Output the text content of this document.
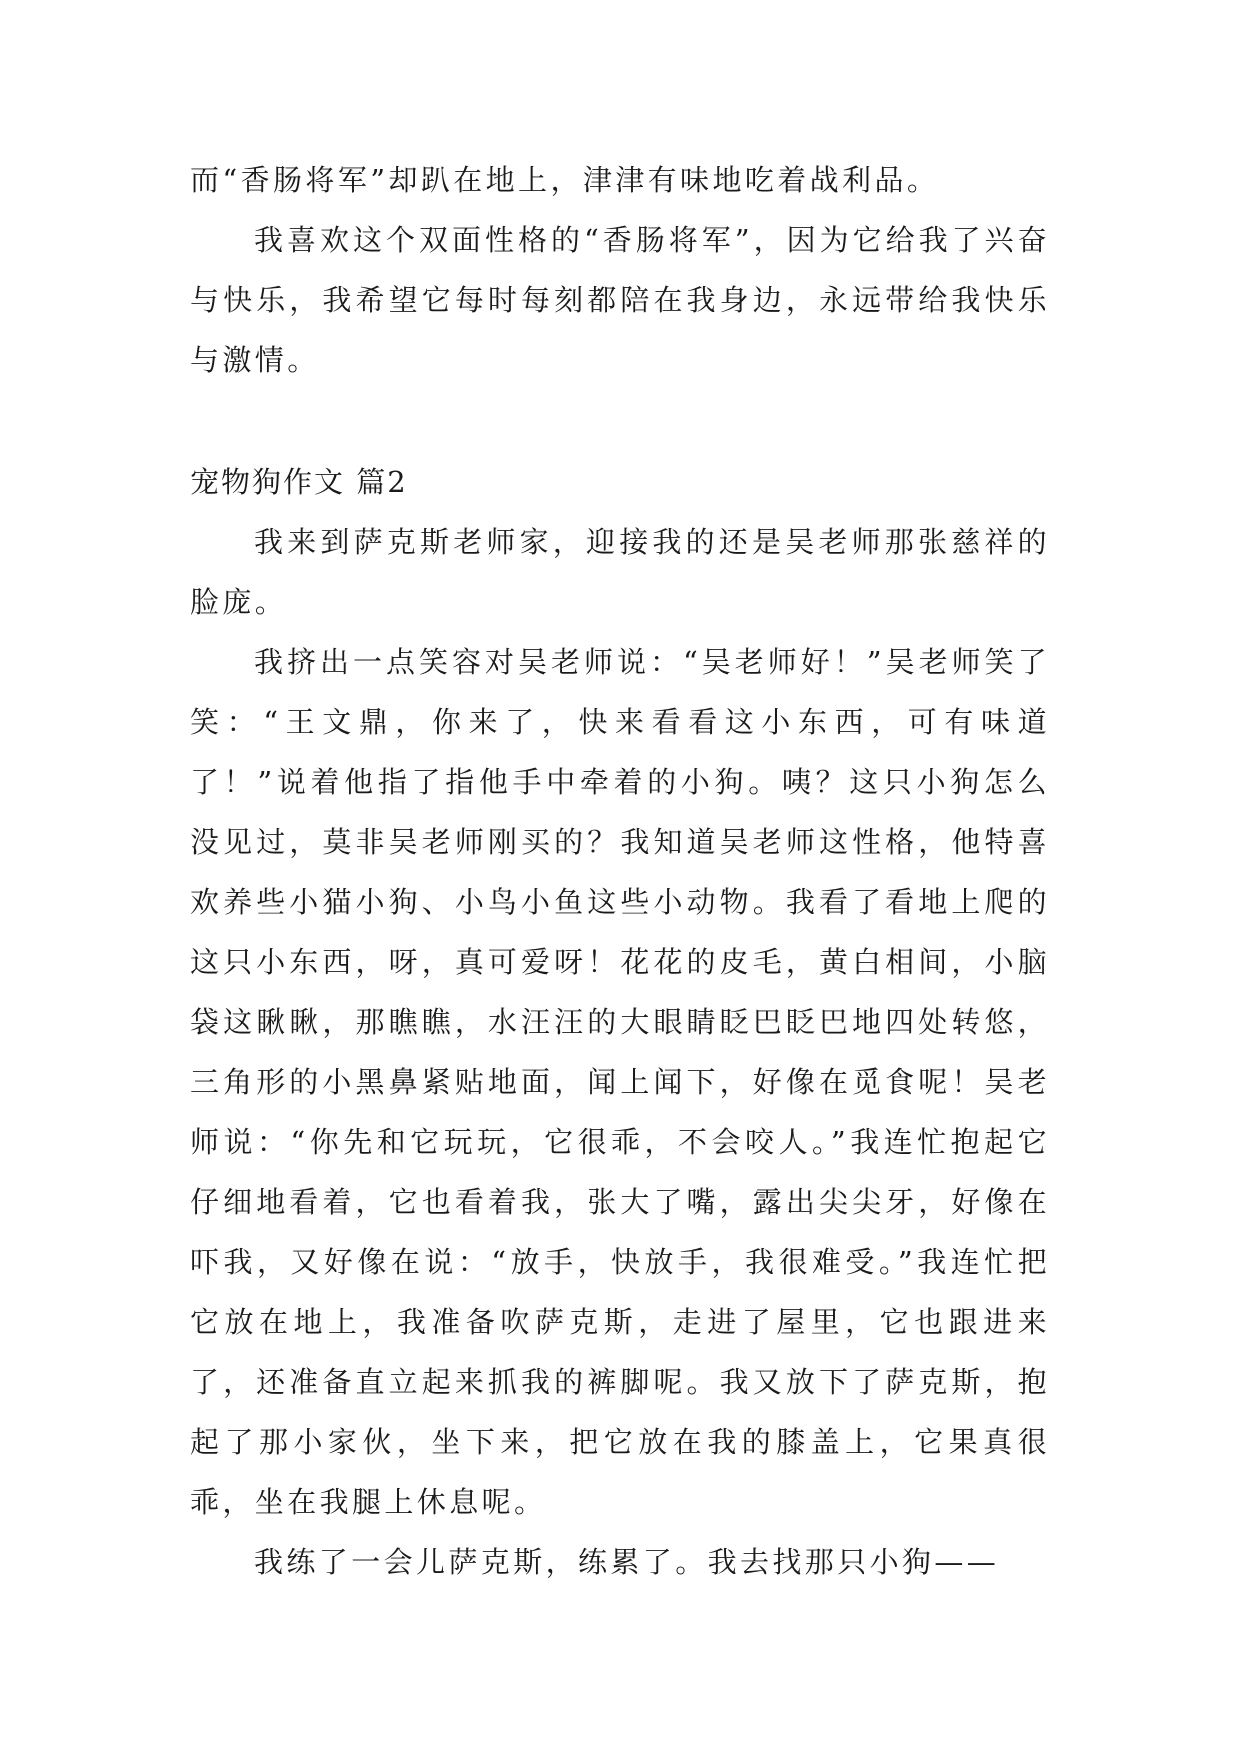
而“香肠将军”却趴在地上，津津有味地吃着战利品。

我喜欢这个双面性格的“香肠将军”，因为它给我了兴奋与快乐，我希望它每时每刻都陪在我身边，永远带给我快乐与激情。

宠物狗作文 篇2

我来到萨克斯老师家，迎接我的还是吴老师那张慈祥的脸庞。

我挤出一点笑容对吴老师说：“吴老师好！”吴老师笑了笑：“王文鼎，你来了，快来看看这小东西，可有味道了！”说着他指了指他手中牵着的小狗。咦？这只小狗怎么没见过，莫非吴老师刚买的？我知道吴老师这性格，他特喜欢养些小猫小狗、小鸟小鱼这些小动物。我看了看地上爬的这只小东西，呀，真可爱呀！花花的皮毛，黄白相间，小脑袋这瞅瞅，那瞧瞧，水汪汪的大眼睛眨巴眨巴地四处转悠，三角形的小黑鼻紧贴地面，闻上闻下，好像在觅食呢！吴老师说：“你先和它玩玩，它很乖，不会咬人。”我连忙抱起它仔细地看着，它也看着我，张大了嘴，露出尖尖牙，好像在吓我，又好像在说：“放手，快放手，我很难受。”我连忙把它放在地上，我准备吹萨克斯，走进了屋里，它也跟进来了，还准备直立起来抓我的裤脚呢。我又放下了萨克斯，抱起了那小家伙，坐下来，把它放在我的膝盖上，它果真很乖，坐在我腿上休息呢。

我练了一会儿萨克斯，练累了。我去找那只小狗——
